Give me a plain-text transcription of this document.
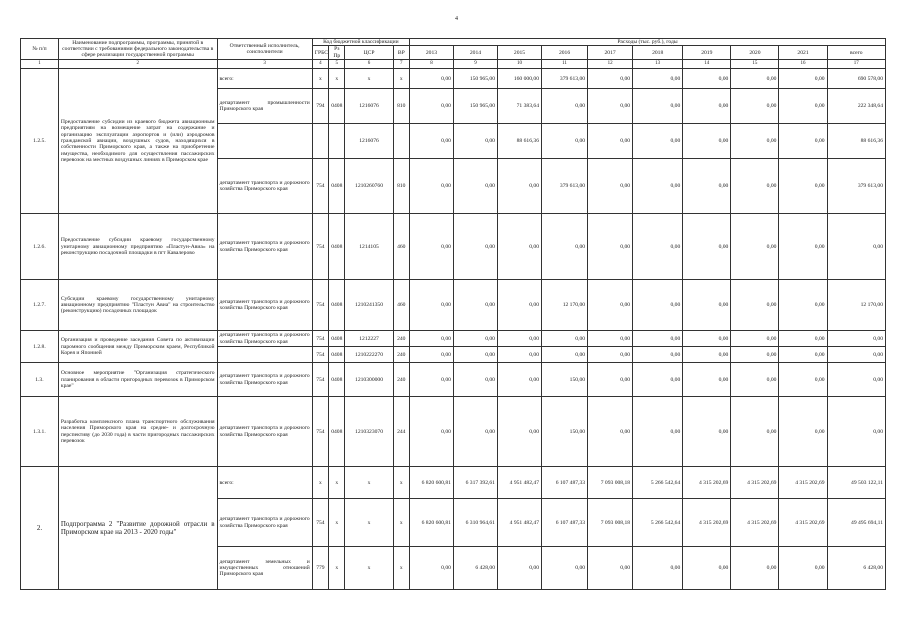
4
№ п/п	Наименование подпрограммы, программы, принятой в соответствии с требованиями федерального законодательства в сфере реализации государственной программы	Ответственный исполнитель, соисполнители	Код бюджетной классификации				Расходы (тыс. руб.), годы									
			ГРБС	Рз Пр	ЦСР	ВР	2013	2014	2015	2016	2017	2018	2019	2020	2021	всего
1	2	3	4	5	6	7	8	9	10	11	12	13	14	15	16	17
1.2.5.	Предоставление субсидии из краевого бюджета авиационным предприятиям на возмещение затрат на содержание и организацию эксплуатации аэропортов и (или) аэродромов гражданской авиации, воздушных судов, находящихся в собственности Приморского края, а также на приобретение имущества, необходимого для осуществления пассажирских перевозок на местных воздушных линиях в Приморском крае	всего:	x	x	x	x	0,00	150 965,00	160 000,00	379 613,00	0,00	0,00	0,00	0,00	0,00	690 578,00
		департамент промышленности Приморского края	794	0408	1216076	810	0,00	150 965,00	71 383,64	0,00	0,00	0,00	0,00	0,00	0,00	222 348,64
					1216076		0,00	0,00	88 616,36	0,00	0,00	0,00	0,00	0,00	0,00	88 616,36
		департамент транспорта и дорожного хозяйства Приморского края	754	0408	1210260760	810	0,00	0,00	0,00	379 613,00	0,00	0,00	0,00	0,00	0,00	379 613,00
1.2.6.	Предоставление субсидии краевому государственному унитарному авиационному предприятию «Пластун-Авиа» на реконструкцию посадочной площадки в пгт Кавалерово	департамент транспорта и дорожного хозяйства Приморского края	754	0408	1214105	460	0,00	0,00	0,00	0,00	0,00	0,00	0,00	0,00	0,00	0,00
1.2.7.	Субсидии краевому государственному унитарному авиационному предприятию "Пластун Авиа" на строительство (реконструкцию) посадочных площадок	департамент транспорта и дорожного хозяйства Приморского края	754	0408	1210241350	460	0,00	0,00	0,00	12 170,00	0,00	0,00	0,00	0,00	0,00	12 170,00
1.2.8.	Организация и проведение заседания Совета по активизации паромного сообщения между Приморским краем, Республикой Корея и Японией	департамент транспорта и дорожного хозяйства Приморского края	754	0408	1212227	240	0,00	0,00	0,00	0,00	0,00	0,00	0,00	0,00	0,00	0,00
			754	0408	1210222270	240	0,00	0,00	0,00	0,00	0,00	0,00	0,00	0,00	0,00	0,00
1.3.	Основное мероприятие "Организация стратегического планирования в области пригородных перевозок в Приморском крае"	департамент транспорта и дорожного хозяйства Приморского края	754	0408	1210300000	240	0,00	0,00	0,00	150,00	0,00	0,00	0,00	0,00	0,00	0,00
1.3.1.	Разработка комплексного плана транспортного обслуживания населения Приморского края на средне- и долгосрочную перспективу (до 2030 года) в части пригородных пассажирских перевозок	департамент транспорта и дорожного хозяйства Приморского края	754	0408	1210323070	244	0,00	0,00	0,00	150,00	0,00	0,00	0,00	0,00	0,00	0,00
2.	Подпрограмма 2 "Развитие дорожной отрасли в Приморском крае на 2013 - 2020 годы"	всего:	x	x	x	x	6 820 600,81	6 317 392,61	4 951 482,47	6 107 487,33	7 093 008,18	5 266 542,64	4 315 202,69	4 315 202,69	4 315 202,69	49 503 122,11
		департамент транспорта и дорожного хозяйства Приморского края	754	x	x	x	6 820 600,81	6 310 964,61	4 951 482,47	6 107 487,33	7 093 008,18	5 266 542,64	4 315 202,69	4 315 202,69	4 315 202,69	49 495 694,11
		департамент земельных и имущественных отношений Приморского края	779	x	x	x	0,00	6 428,00	0,00	0,00	0,00	0,00	0,00	0,00	0,00	6 428,00
